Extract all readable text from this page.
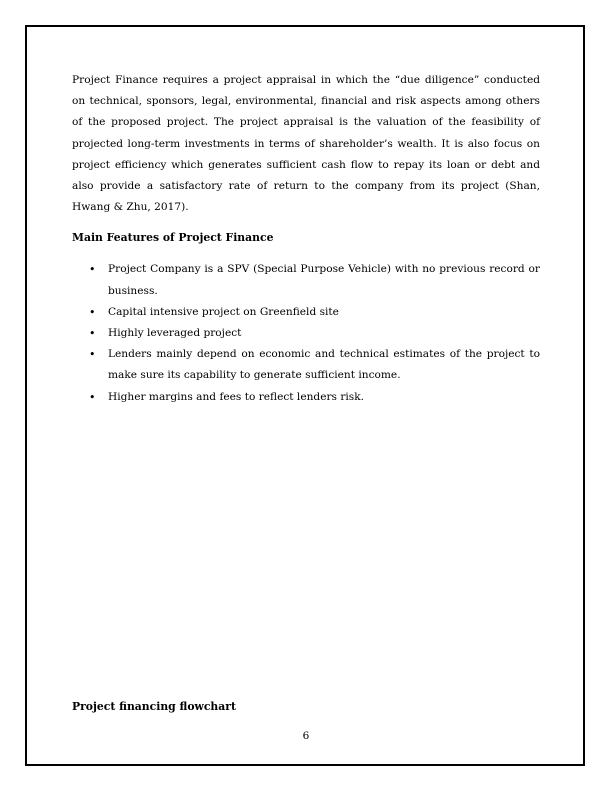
Project Finance requires a project appraisal in which the “due diligence” conducted on technical, sponsors, legal, environmental, financial and risk aspects among others of the proposed project. The project appraisal is the valuation of the feasibility of projected long-term investments in terms of shareholder’s wealth. It is also focus on project efficiency which generates sufficient cash flow to repay its loan or debt and also provide a satisfactory rate of return to the company from its project (Shan, Hwang & Zhu, 2017).

Main Features of Project Finance
• Project Company is a SPV (Special Purpose Vehicle) with no previous record or business.
• Capital intensive project on Greenfield site
• Highly leveraged project
• Lenders mainly depend on economic and technical estimates of the project to make sure its capability to generate sufficient income.
• Higher margins and fees to reflect lenders risk.
Project financing flowchart
6
